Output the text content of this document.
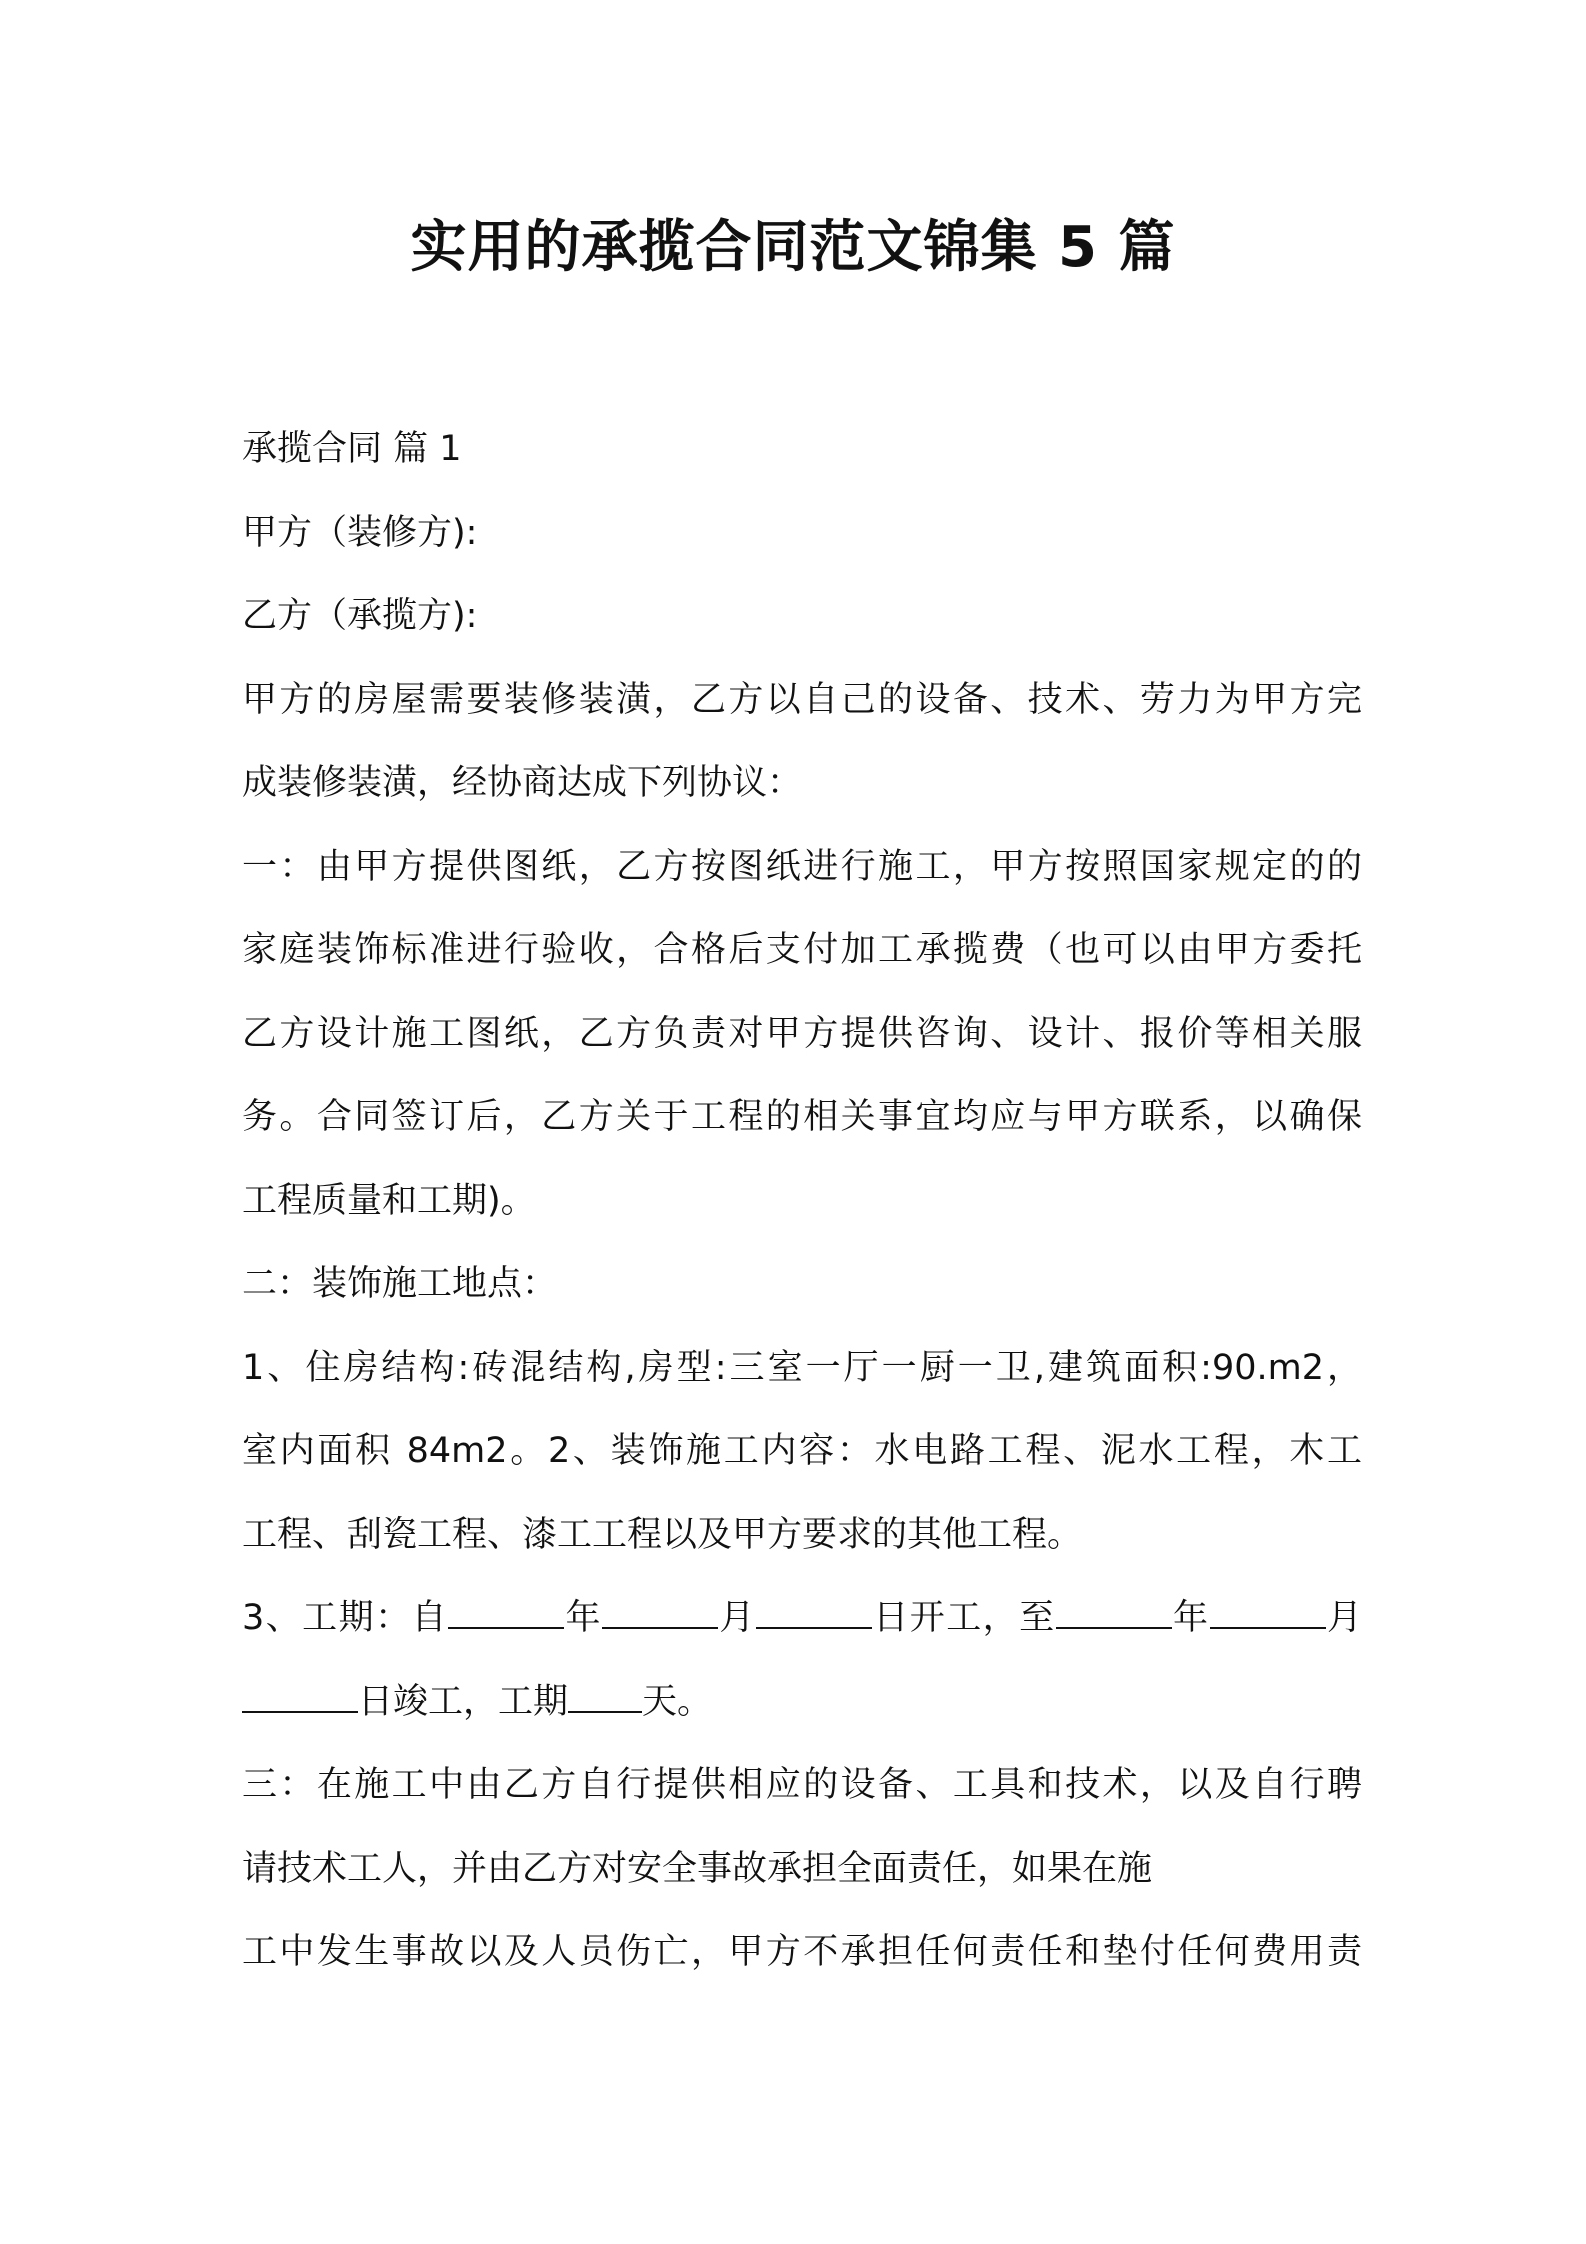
实用的承揽合同范文锦集 5 篇
承揽合同 篇 1
甲方（装修方):
乙方（承揽方):
甲方的房屋需要装修装潢，乙方以自己的设备、技术、劳力为甲方完
成装修装潢，经协商达成下列协议：
一：由甲方提供图纸，乙方按图纸进行施工，甲方按照国家规定的的
家庭装饰标准进行验收，合格后支付加工承揽费（也可以由甲方委托
乙方设计施工图纸，乙方负责对甲方提供咨询、设计、报价等相关服
务。合同签订后，乙方关于工程的相关事宜均应与甲方联系，以确保
工程质量和工期)。
二：装饰施工地点：
1、住房结构:砖混结构,房型:三室一厅一厨一卫,建筑面积:90.m2，
室内面积 84m2。2、装饰施工内容：水电路工程、泥水工程，木工
工程、刮瓷工程、漆工工程以及甲方要求的其他工程。
3、工期：自	年	月	日开工，至	年	月
日竣工，工期 天。
三：在施工中由乙方自行提供相应的设备、工具和技术，以及自行聘
请技术工人，并由乙方对安全事故承担全面责任，如果在施
工中发生事故以及人员伤亡，甲方不承担任何责任和垫付任何费用责
